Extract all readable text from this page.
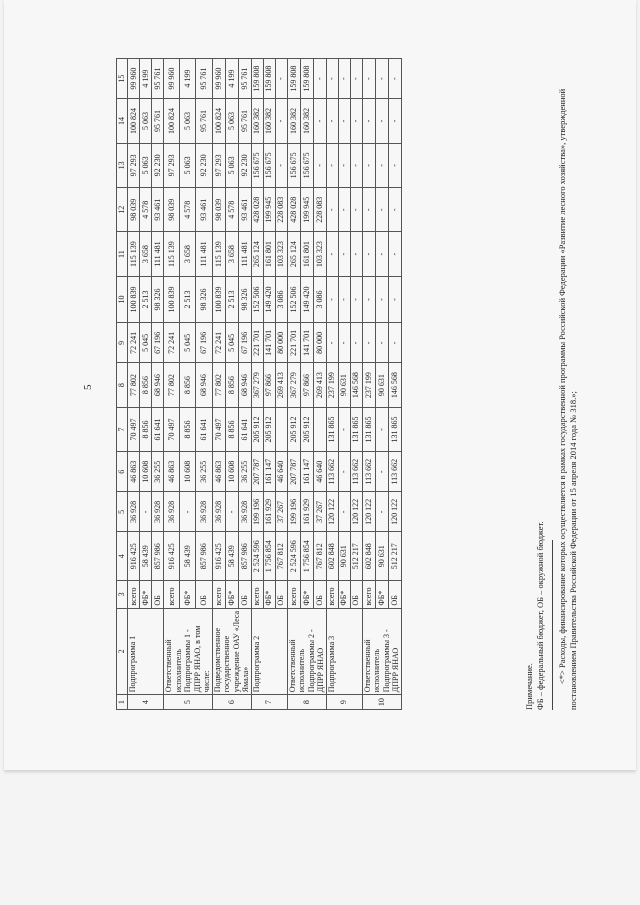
5
1	2	3	4	5	6	7	8	9	10	11	12	13	14	15
4	Подпрограмма 1	всего	916 425	36 928	46 863	70 497	77 802	72 241	100 839	115 139	98 039	97 293	100 824	99 960
		ФБ*	58 439	-	10 608	8 856	8 856	5 045	2 513	3 658	4 578	5 063	5 063	4 199
		ОБ	857 986	36 928	36 255	61 641	68 946	67 196	98 326	111 481	93 461	92 230	95 761	95 761
5	Ответственный исполнитель Подпрограммы 1 - ДПРР ЯНАО, в том числе:	всего	916 425	36 928	46 863	70 497	77 802	72 241	100 839	115 139	98 039	97 293	100 824	99 960
		ФБ*	58 439	-	10 608	8 856	8 856	5 045	2 513	3 658	4 578	5 063	5 063	4 199
		ОБ	857 986	36 928	36 255	61 641	68 946	67 196	98 326	111 481	93 461	92 230	95 761	95 761
6	Подведомственное государственное учреждение ОАУ «Леса Ямала»	всего	916 425	36 928	46 863	70 497	77 802	72 241	100 839	115 139	98 039	97 293	100 824	99 960
		ФБ*	58 439	-	10 608	8 856	8 856	5 045	2 513	3 658	4 578	5 063	5 063	4 199
		ОБ	857 986	36 928	36 255	61 641	68 946	67 196	98 326	111 481	93 461	92 230	95 761	95 761
7	Подпрограмма 2	всего	2 524 596	199 196	207 787	205 912	367 279	221 701	152 506	265 124	428 028	156 675	160 382	159 808
		ФБ*	1 756 854	161 929	161 147	205 912	97 866	141 701	149 420	161 801	199 945	156 675	160 382	159 808
		ОБ	767 812	37 267	46 640		269 413	80 000	3 086	103 323	228 083	-	-	-
8	Ответственный исполнитель Подпрограммы 2 - ДПРР ЯНАО	всего	2 524 596	199 196	207 787	205 912	367 279	221 701	152 506	265 124	428 028	156 675	160 382	159 808
		ФБ*	1 756 854	161 929	161 147	205 912	97 866	141 701	149 420	161 801	199 945	156 675	160 382	159 808
		ОБ	767 812	37 267	46 640		269 413	80 000	3 086	103 323	228 083	-	-	-
9	Подпрограмма 3	всего	602 848	120 122	113 662	131 865	237 199	-	-	-	-	-	-	-
		ФБ*	90 631	-	-	-	90 631	-	-	-	-	-	-	-
		ОБ	512 217	120 122	113 662	131 865	146 568	-	-	-	-	-	-	-
10	Ответственный исполнитель Подпрограммы 3 - ДПРР ЯНАО	всего	602 848	120 122	113 662	131 865	237 199	-	-	-	-	-	-	-
		ФБ*	90 631	-	-	-	90 631	-	-	-	-	-	-	-
		ОБ	512 217	120 122	113 662	131 865	146 568	-	-	-	-	-	-	-
Примечание. ФБ – федеральный бюджет, ОБ – окружной бюджет. <*> Расходы, финансирование которых осуществляется в рамках государственной программы Российской Федерации «Развитие лесного хозяйства», утвержденной постановлением Правительства Российской Федерации от 15 апреля 2014 года № 318.»;
